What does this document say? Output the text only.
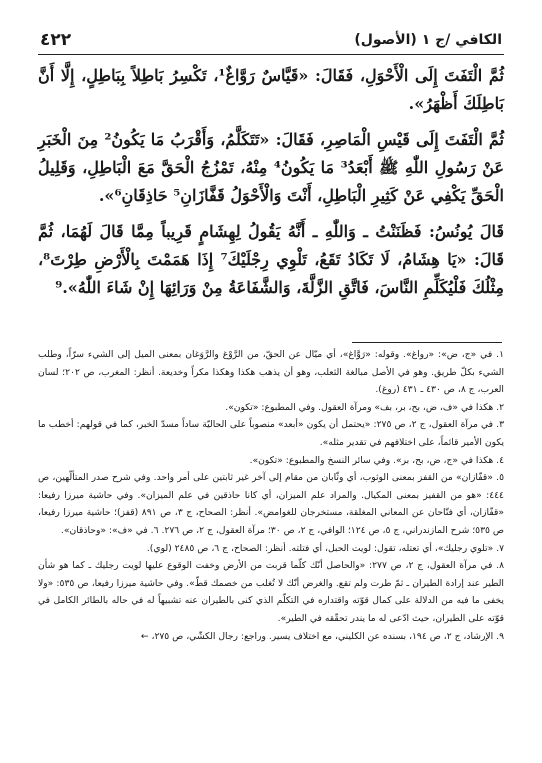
٤٢٢	الكافي /ج ١ (الأصول)

ثُمَّ الْتَفَتَ إِلَى الْأَحْوَلِ، فَقَالَ: «قَيَّاسٌ رَوَّاغٌ¹، تَكْسِرُ بَاطِلاً بِبَاطِلٍ، إِلَّا أَنَّ بَاطِلَكَ أَظْهَرُ».

ثُمَّ الْتَفَتَ إِلَى قَيْسِ الْمَاصِرِ، فَقَالَ: «تَتَكَلَّمُ، وَأَقْرَبُ مَا يَكُونُ² مِنَ الْخَبَرِ عَنْ رَسُولِ اللّٰهِ ﷺ أَبْعَدُ³ مَا يَكُونُ⁴ مِنْهُ، تَمْزُجُ الْحَقَّ مَعَ الْبَاطِلِ، وَقَلِيلُ الْحَقِّ يَكْفِي عَنْ كَثِيرِ الْبَاطِلِ، أَنْتَ وَالْأَحْوَلُ قَفَّازَانِ⁵ حَاذِقَانِ⁶».

قَالَ يُونُسُ: فَظَنَنْتُ ـ وَاللّٰهِ ـ أَنَّهُ يَقُولُ لِهِشَامٍ قَرِيباً مِمَّا قَالَ لَهُمَا، ثُمَّ قَالَ: «يَا هِشَامُ، لَا تَكَادُ تَقَعُ، تَلْوِي رِجْلَيْكَ⁷ إِذَا هَمَمْتَ بِالْأَرْضِ طِرْتَ⁸، مِثْلُكَ فَلْيُكَلِّمِ النَّاسَ، فَاتَّقِ الزَّلَّةَ، وَالشَّفَاعَةُ مِنْ وَرَائِهَا إِنْ شَاءَ اللّٰهُ».⁹

١. في «ج، ض»: «رواغ». وقوله: «رَوَّاغ»، أي ميّال عن الحقّ، من الرَّوْغ والرَّوَغان بمعنى الميل إلى الشيء سرّاً، وطلب الشيء بكلّ طريق. وهو في الأصل مبالغة الثعلب، وهو أن يذهب هكذا وهكذا مكراً وخديعة. أنظر: المغرب، ص ٢٠٢؛ لسان العرب، ج ٨، ص ٤٣٠ ـ ٤٣١ (روغ).

٢. هكذا في «ف، ض، بح، بر، بف» ومرآة العقول. وفي المطبوع: «تكون».

٣. في مرآة العقول، ج ٢، ص ٢٧٥: «يحتمل أن يكون «أبعد» منصوباً على الحاليّة ساداً مسدّ الخبر، كما في قولهم: أخطب ما يكون الأمير قائماً، على اختلافهم في تقدير مثله».

٤. هكذا في «ج، ض، بح، بر». وفي سائر النسخ والمطبوع: «تكون».

٥. «قفّازان» من القفز بمعنى الوثوب، أي وثّابان من مقام إلى آخر غير ثابتين على أمر واحد. وفي شرح صدر المتألّهين، ص ٤٤٤: «هو من القفيز بمعنى المكيال. والمراد علم الميزان، أي كانا حاذقين في علم الميزان». وفي حاشية ميرزا رفيعا: «قفّازان، أي فتّاحان عن المعاني المغلقة، مستخرجان للغوامض». أنظر: الصحاح، ج ٣، ص ٨٩١ (قفز)؛ حاشية ميرزا رفيعا، ص ٥٣٥؛ شرح المازندراني، ج ٥، ص ١٢٤؛ الوافي، ج ٢، ص ٣٠؛ مرآة العقول، ج ٢، ص ٢٧٦. ٦. في «ف»: «وحاذقان».

٧. «تلوي رجليك»، أي تعتله، تقول: لويت الحبل، أي فتلته. أنظر: الصحاح، ج ٦، ص ٢٤٨٥ (لوي).

٨. في مرآة العقول، ج ٢، ص ٢٧٧: «والحاصل أنّك كلّما قربت من الأرض وخفت الوقوع عليها لويت رجليك ـ كما هو شأن الطير عند إرادة الطيران ـ ثمّ طرت ولم تقع. والغرض أنّك لا تُغلب من خصمك قطّ». وفي حاشية ميرزا رفيعا، ص ٥٣٥: «ولا يخفى ما فيه من الدلالة على كمال قوّته واقتداره في التكلّم الذي كنى بالطيران عنه تشبيهاً له في حاله بالطائر الكامل في قوّته على الطيران، حيث ادّعى له ما يندر تحقّقه في الطير».

٩. الإرشاد، ج ٢، ص ١٩٤، بسنده عن الكليني، مع اختلاف يسير. وراجع: رجال الكشّي، ص ٢٧٥، ←
